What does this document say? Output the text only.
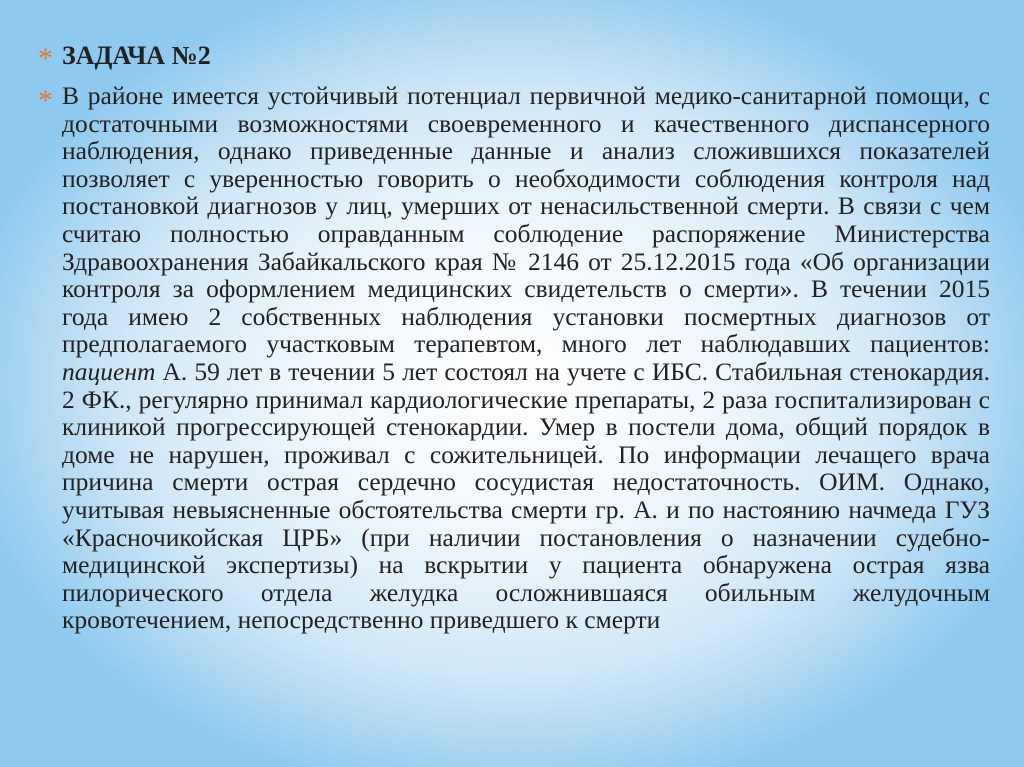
* ЗАДАЧА №2
* В районе имеется устойчивый потенциал первичной медико-санитарной помощи, с достаточными возможностями своевременного и качественного диспансерного наблюдения, однако приведенные данные и анализ сложившихся показателей позволяет с уверенностью говорить о необходимости соблюдения контроля над постановкой диагнозов у лиц, умерших от ненасильственной смерти. В связи с чем считаю полностью оправданным соблюдение распоряжение Министерства Здравоохранения Забайкальского края № 2146 от 25.12.2015 года «Об организации контроля за оформлением медицинских свидетельств о смерти». В течении 2015 года имею 2 собственных наблюдения установки посмертных диагнозов от предполагаемого участковым терапевтом, много лет наблюдавших пациентов: пациент А. 59 лет в течении 5 лет состоял на учете с ИБС. Стабильная стенокардия. 2 ФК., регулярно принимал кардиологические препараты, 2 раза госпитализирован с клиникой прогрессирующей стенокардии. Умер в постели дома, общий порядок в доме не нарушен, проживал с сожительницей. По информации лечащего врача причина смерти острая сердечно сосудистая недостаточность. ОИМ. Однако, учитывая невыясненные обстоятельства смерти гр. А. и по настоянию начмеда ГУЗ «Красночикойская ЦРБ» (при наличии постановления о назначении судебно-медицинской экспертизы) на вскрытии у пациента обнаружена острая язва пилорического отдела желудка осложнившаяся обильным желудочным кровотечением, непосредственно приведшего к смерти
